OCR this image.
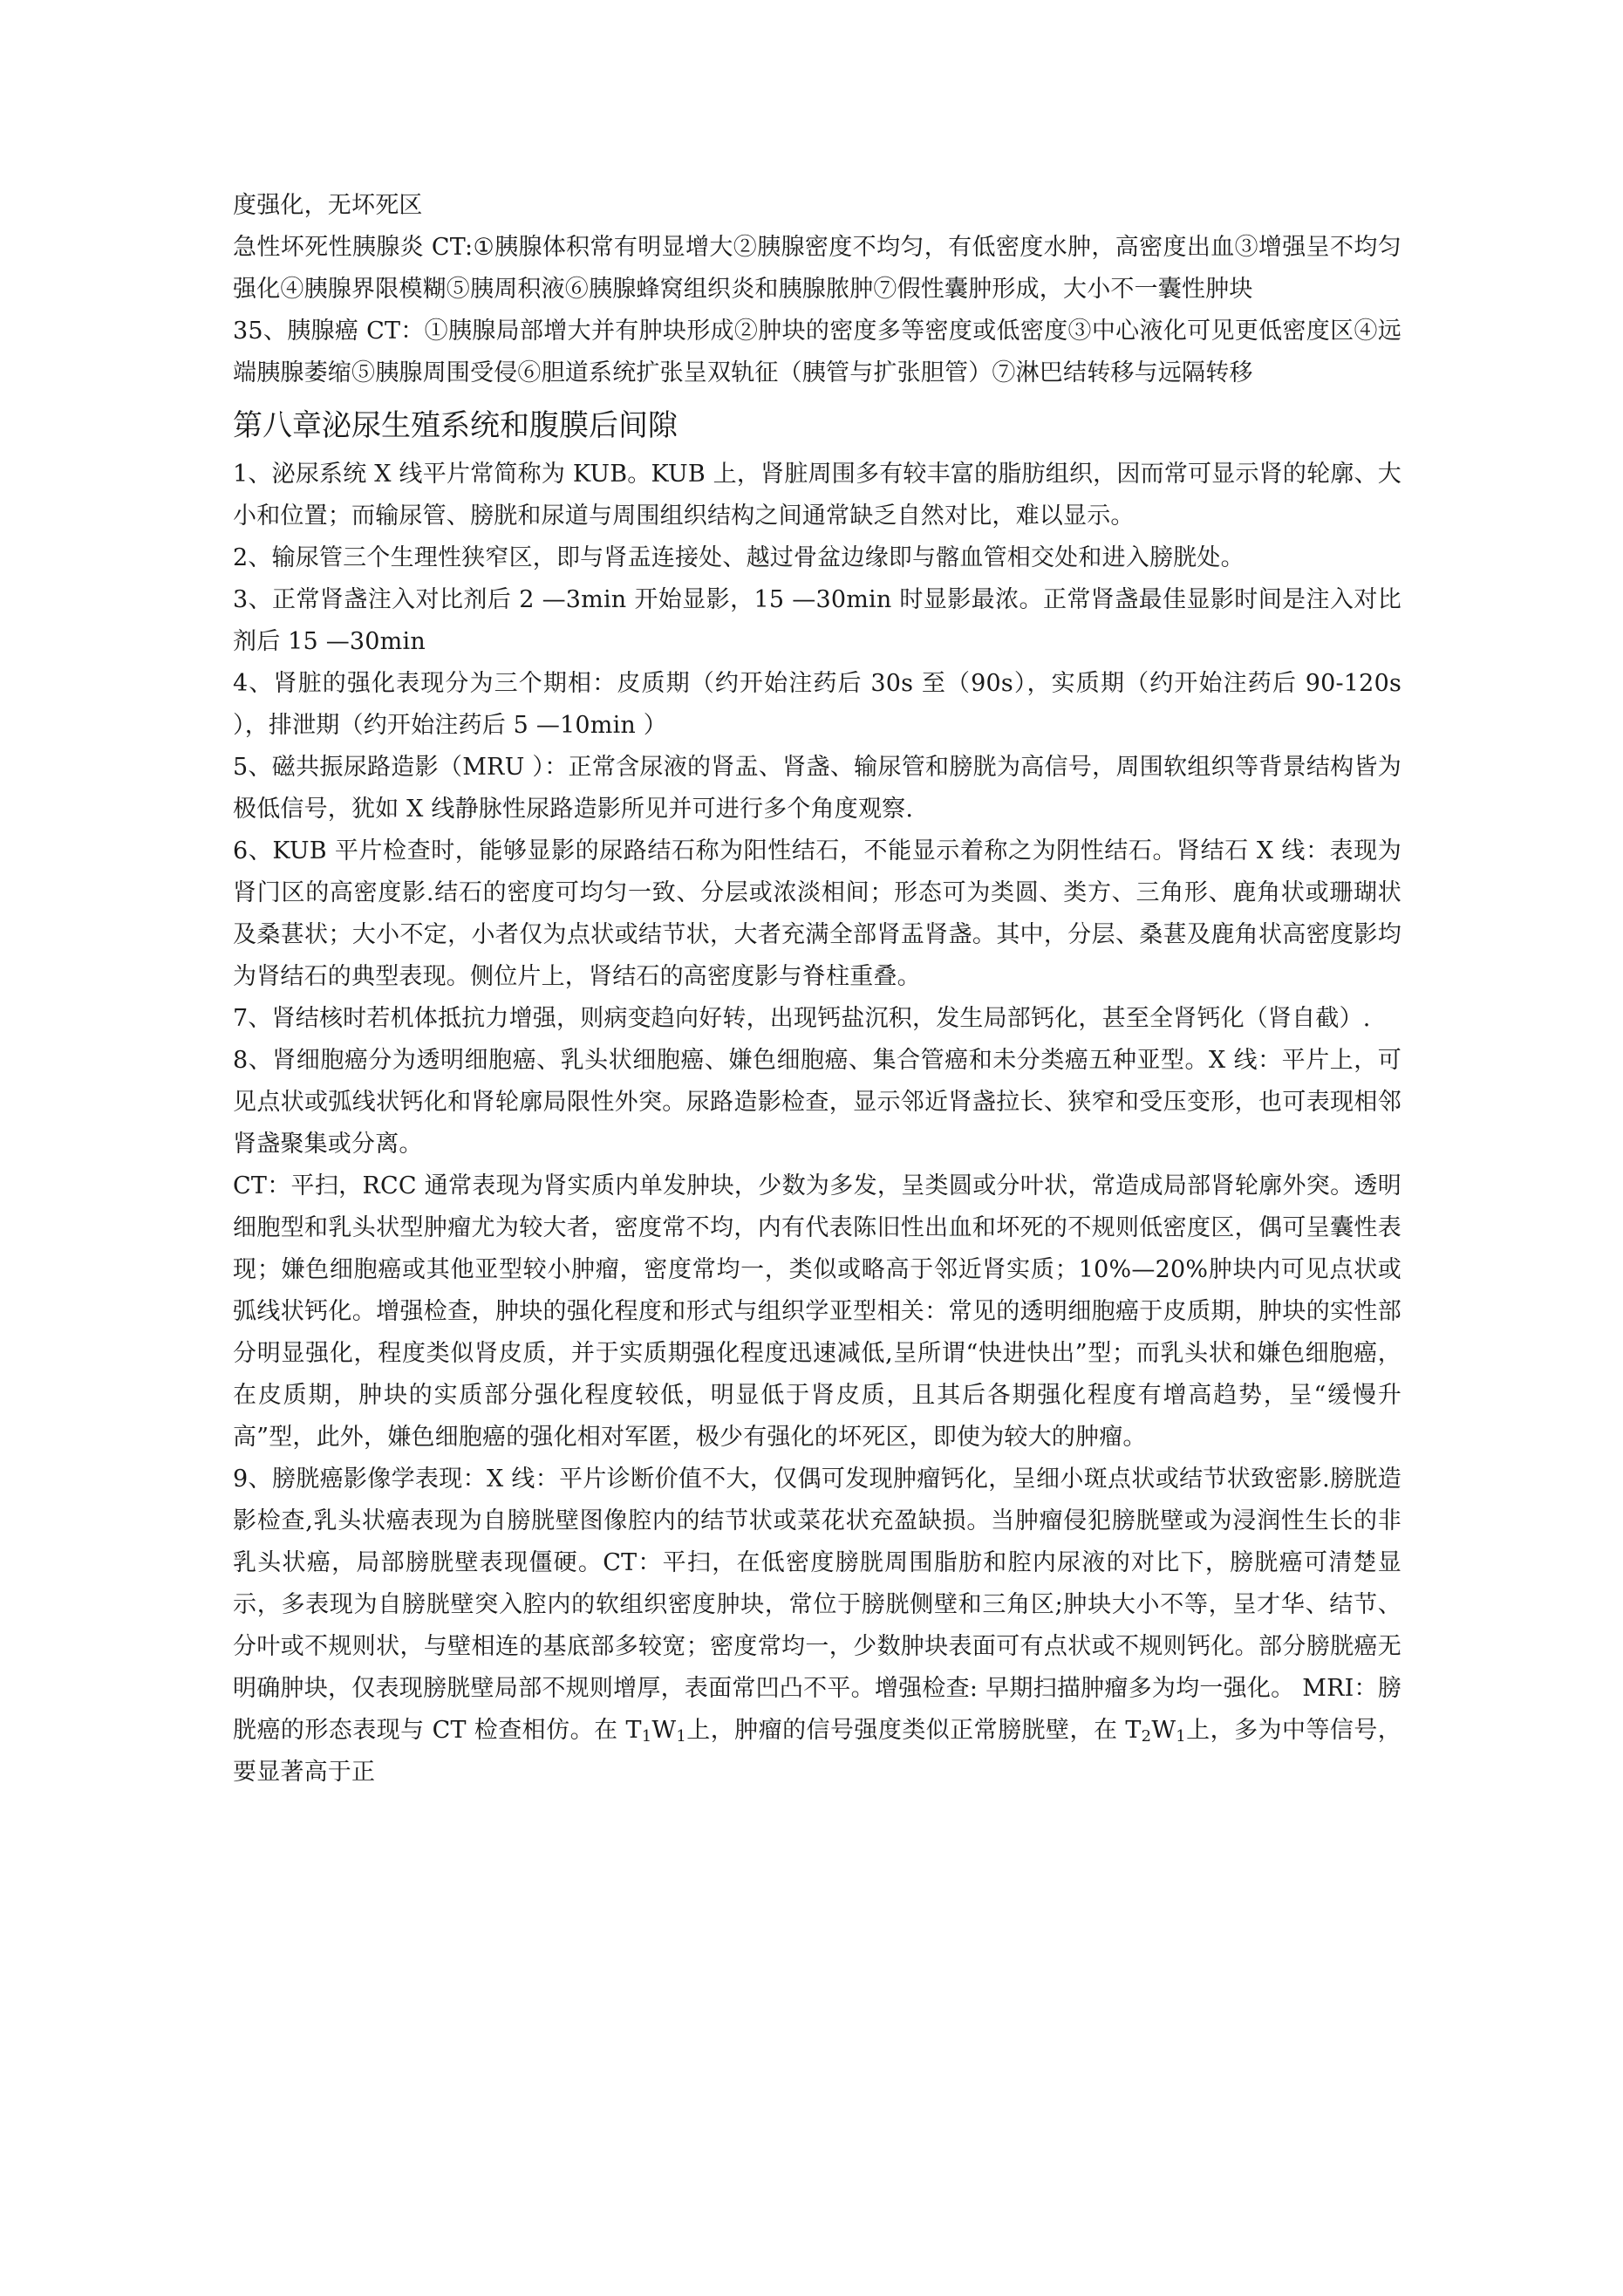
度强化，无坏死区

急性坏死性胰腺炎 CT:①胰腺体积常有明显增大②胰腺密度不均匀，有低密度水肿，高密度出血③增强呈不均匀强化④胰腺界限模糊⑤胰周积液⑥胰腺蜂窝组织炎和胰腺脓肿⑦假性囊肿形成，大小不一囊性肿块

35、胰腺癌 CT：①胰腺局部增大并有肿块形成②肿块的密度多等密度或低密度③中心液化可见更低密度区④远端胰腺萎缩⑤胰腺周围受侵⑥胆道系统扩张呈双轨征（胰管与扩张胆管）⑦淋巴结转移与远隔转移

第八章泌尿生殖系统和腹膜后间隙

1、泌尿系统 X 线平片常简称为 KUB。KUB 上，肾脏周围多有较丰富的脂肪组织，因而常可显示肾的轮廓、大小和位置；而输尿管、膀胱和尿道与周围组织结构之间通常缺乏自然对比，难以显示。

2、输尿管三个生理性狭窄区，即与肾盂连接处、越过骨盆边缘即与髂血管相交处和进入膀胱处。

3、正常肾盏注入对比剂后 2 —3min 开始显影，15 —30min 时显影最浓。正常肾盏最佳显影时间是注入对比剂后 15 —30min

4、肾脏的强化表现分为三个期相：皮质期（约开始注药后 30s 至（90s），实质期（约开始注药后 90-120s ），排泄期（约开始注药后 5 —10min ）

5、磁共振尿路造影（MRU ）：正常含尿液的肾盂、肾盏、输尿管和膀胱为高信号，周围软组织等背景结构皆为极低信号，犹如 X 线静脉性尿路造影所见并可进行多个角度观察.

6、KUB 平片检查时，能够显影的尿路结石称为阳性结石，不能显示着称之为阴性结石。肾结石 X 线：表现为肾门区的高密度影.结石的密度可均匀一致、分层或浓淡相间；形态可为类圆、类方、三角形、鹿角状或珊瑚状及桑葚状；大小不定，小者仅为点状或结节状，大者充满全部肾盂肾盏。其中，分层、桑葚及鹿角状高密度影均为肾结石的典型表现。侧位片上，肾结石的高密度影与脊柱重叠。

7、肾结核时若机体抵抗力增强，则病变趋向好转，出现钙盐沉积，发生局部钙化，甚至全肾钙化（肾自截）.

8、肾细胞癌分为透明细胞癌、乳头状细胞癌、嫌色细胞癌、集合管癌和未分类癌五种亚型。X 线：平片上，可见点状或弧线状钙化和肾轮廓局限性外突。尿路造影检查，显示邻近肾盏拉长、狭窄和受压变形，也可表现相邻肾盏聚集或分离。

CT：平扫，RCC 通常表现为肾实质内单发肿块，少数为多发，呈类圆或分叶状，常造成局部肾轮廓外突。透明细胞型和乳头状型肿瘤尤为较大者，密度常不均，内有代表陈旧性出血和坏死的不规则低密度区，偶可呈囊性表现；嫌色细胞癌或其他亚型较小肿瘤，密度常均一，类似或略高于邻近肾实质；10%—20%肿块内可见点状或弧线状钙化。增强检查，肿块的强化程度和形式与组织学亚型相关：常见的透明细胞癌于皮质期，肿块的实性部分明显强化，程度类似肾皮质，并于实质期强化程度迅速减低,呈所谓“快进快出”型；而乳头状和嫌色细胞癌，在皮质期，肿块的实质部分强化程度较低，明显低于肾皮质，且其后各期强化程度有增高趋势，呈“缓慢升高”型，此外，嫌色细胞癌的强化相对军匿，极少有强化的坏死区，即使为较大的肿瘤。

9、膀胱癌影像学表现：X 线：平片诊断价值不大，仅偶可发现肿瘤钙化，呈细小斑点状或结节状致密影.膀胱造影检查,乳头状癌表现为自膀胱壁图像腔内的结节状或菜花状充盈缺损。当肿瘤侵犯膀胱壁或为浸润性生长的非乳头状癌，局部膀胱壁表现僵硬。CT：平扫，在低密度膀胱周围脂肪和腔内尿液的对比下，膀胱癌可清楚显示，多表现为自膀胱壁突入腔内的软组织密度肿块，常位于膀胱侧壁和三角区;肿块大小不等，呈才华、结节、分叶或不规则状，与壁相连的基底部多较宽；密度常均一，少数肿块表面可有点状或不规则钙化。部分膀胱癌无明确肿块，仅表现膀胱壁局部不规则增厚，表面常凹凸不平。增强检查: 早期扫描肿瘤多为均一强化。 MRI：膀胱癌的形态表现与 CT 检查相仿。在 $T_1W_1$上，肿瘤的信号强度类似正常膀胱壁，在 $T_2W_1$上，多为中等信号，要显著高于正
